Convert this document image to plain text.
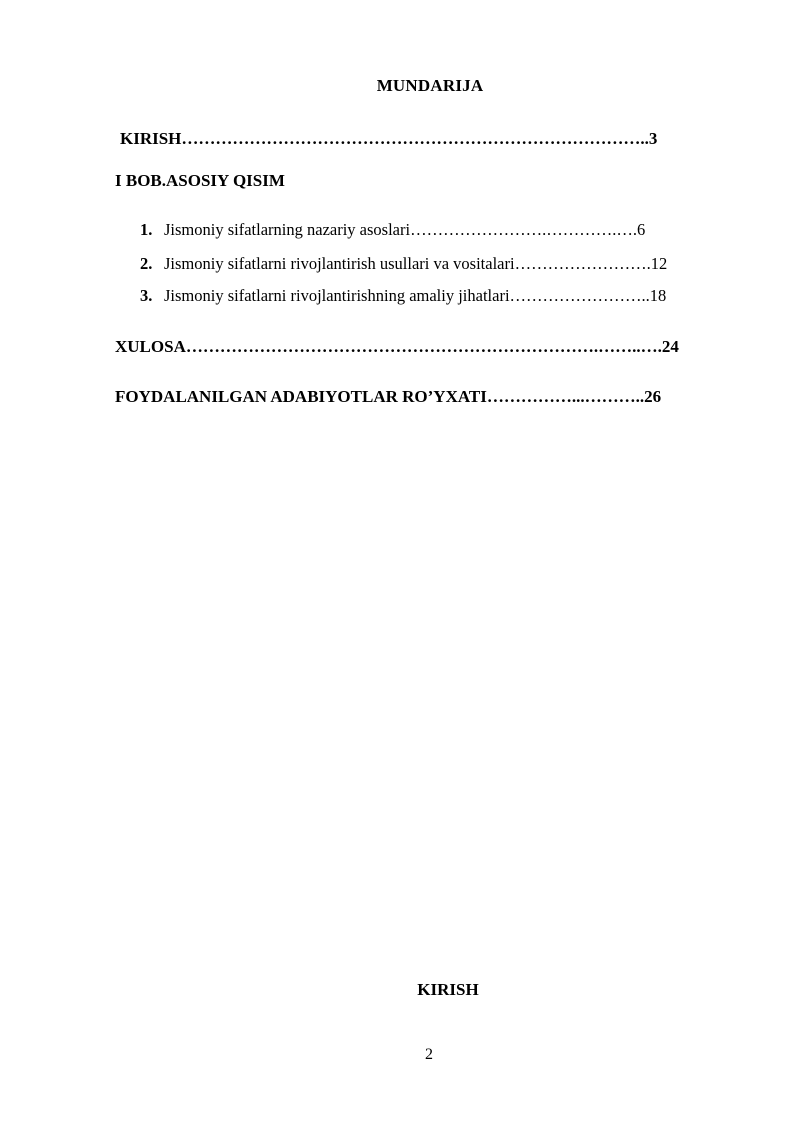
MUNDARIJA
KIRISH………………………………………………………………………..3
I BOB.ASOSIY QISIM
1. Jismoniy sifatlarning nazariy asoslari…………………….………….….6
2. Jismoniy sifatlarni rivojlantirish usullari va vositalari…………………….12
3. Jismoniy sifatlarni rivojlantirishning amaliy jihatlari……………………..18
XULOSA……………………………………………………………….……..….24
FOYDALANILGAN ADABIYOTLAR RO’YXATI……………...………..26
KIRISH
2
